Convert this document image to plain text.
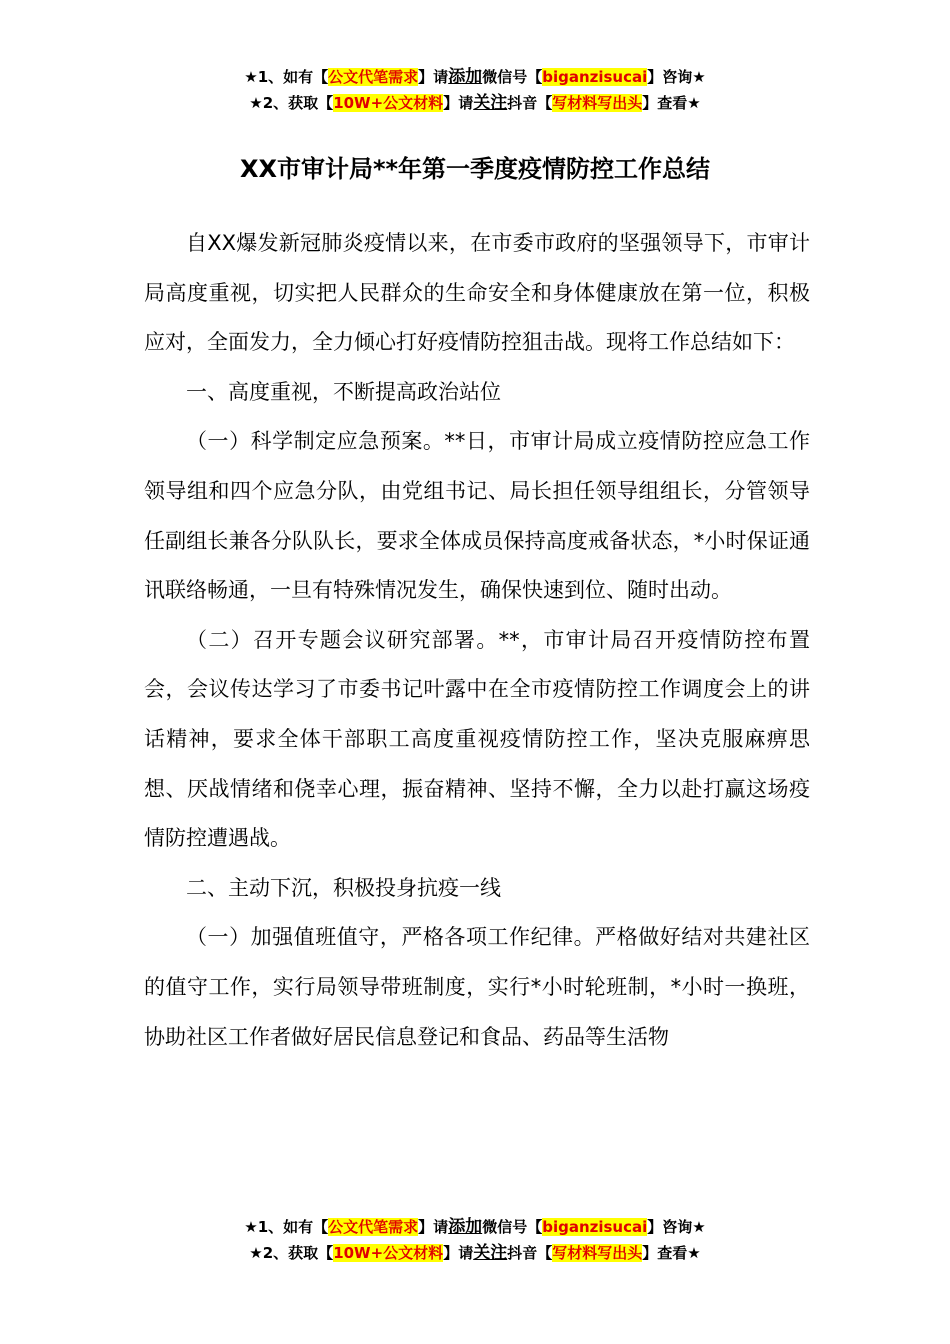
★1、如有【公文代笔需求】请添加微信号【biganzisucai】咨询★
★2、获取【10W+公文材料】请关注抖音【写材料写出头】查看★
XX市审计局**年第一季度疫情防控工作总结

自XX爆发新冠肺炎疫情以来，在市委市政府的坚强领导下，市审计局高度重视，切实把人民群众的生命安全和身体健康放在第一位，积极应对，全面发力，全力倾心打好疫情防控狙击战。现将工作总结如下：

一、高度重视，不断提高政治站位

（一）科学制定应急预案。**日，市审计局成立疫情防控应急工作领导组和四个应急分队，由党组书记、局长担任领导组组长，分管领导任副组长兼各分队队长，要求全体成员保持高度戒备状态，*小时保证通讯联络畅通，一旦有特殊情况发生，确保快速到位、随时出动。

（二）召开专题会议研究部署。**，市审计局召开疫情防控布置会，会议传达学习了市委书记叶露中在全市疫情防控工作调度会上的讲话精神，要求全体干部职工高度重视疫情防控工作，坚决克服麻痹思想、厌战情绪和侥幸心理，振奋精神、坚持不懈，全力以赴打赢这场疫情防控遭遇战。

二、主动下沉，积极投身抗疫一线

（一）加强值班值守，严格各项工作纪律。严格做好结对共建社区的值守工作，实行局领导带班制度，实行*小时轮班制，*小时一换班，协助社区工作者做好居民信息登记和食品、药品等生活物

★1、如有【公文代笔需求】请添加微信号【biganzisucai】咨询★
★2、获取【10W+公文材料】请关注抖音【写材料写出头】查看★
